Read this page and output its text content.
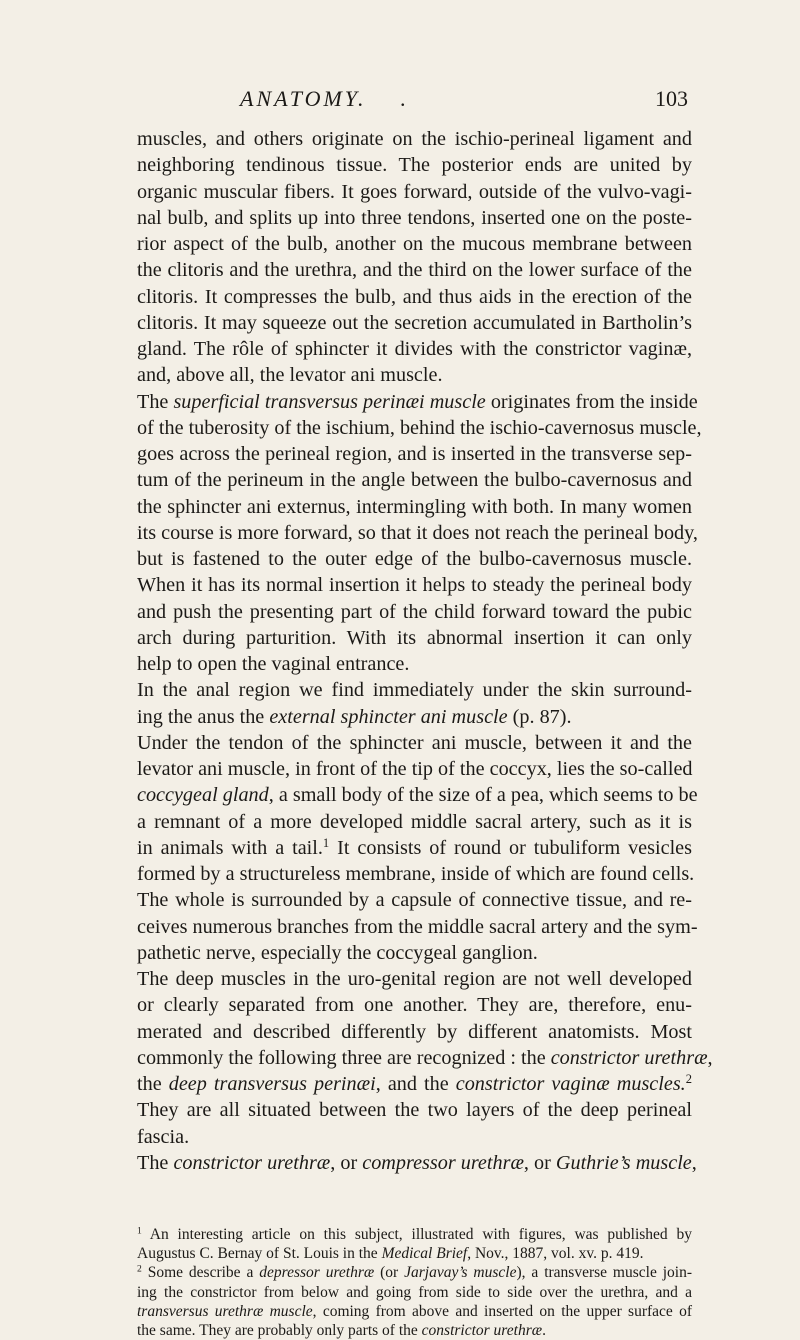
ANATOMY. .	103
muscles, and others originate on the ischio-perineal ligament and
neighboring tendinous tissue. The posterior ends are united by
organic muscular fibers. It goes forward, outside of the vulvo-vagi-
nal bulb, and splits up into three tendons, inserted one on the poste-
rior aspect of the bulb, another on the mucous membrane between
the clitoris and the urethra, and the third on the lower surface of the
clitoris. It compresses the bulb, and thus aids in the erection of the
clitoris. It may squeeze out the secretion accumulated in Bartholin’s
gland. The rôle of sphincter it divides with the constrictor vaginæ,
and, above all, the levator ani muscle.
The superficial transversus perinæi muscle originates from the inside
of the tuberosity of the ischium, behind the ischio-cavernosus muscle,
goes across the perineal region, and is inserted in the transverse sep-
tum of the perineum in the angle between the bulbo-cavernosus and
the sphincter ani externus, intermingling with both. In many women
its course is more forward, so that it does not reach the perineal body,
but is fastened to the outer edge of the bulbo-cavernosus muscle.
When it has its normal insertion it helps to steady the perineal body
and push the presenting part of the child forward toward the pubic
arch during parturition. With its abnormal insertion it can only
help to open the vaginal entrance.
In the anal region we find immediately under the skin surround-
ing the anus the external sphincter ani muscle (p. 87).
Under the tendon of the sphincter ani muscle, between it and the
levator ani muscle, in front of the tip of the coccyx, lies the so-called
coccygeal gland, a small body of the size of a pea, which seems to be
a remnant of a more developed middle sacral artery, such as it is
in animals with a tail.$^1$ It consists of round or tubuliform vesicles
formed by a structureless membrane, inside of which are found cells.
The whole is surrounded by a capsule of connective tissue, and re-
ceives numerous branches from the middle sacral artery and the sym-
pathetic nerve, especially the coccygeal ganglion.
The deep muscles in the uro-genital region are not well developed
or clearly separated from one another. They are, therefore, enu-
merated and described differently by different anatomists. Most
commonly the following three are recognized : the constrictor urethræ,
the deep transversus perinæi, and the constrictor vaginæ muscles.$^2$
They are all situated between the two layers of the deep perineal
fascia.
The constrictor urethræ, or compressor urethræ, or Guthrie’s muscle,
$^1$ An interesting article on this subject, illustrated with figures, was published by
Augustus C. Bernay of St. Louis in the Medical Brief, Nov., 1887, vol. xv. p. 419.
$^2$ Some describe a depressor urethræ (or Jarjavay’s muscle), a transverse muscle join-
ing the constrictor from below and going from side to side over the urethra, and a
transversus urethræ muscle, coming from above and inserted on the upper surface of
the same. They are probably only parts of the constrictor urethræ.
